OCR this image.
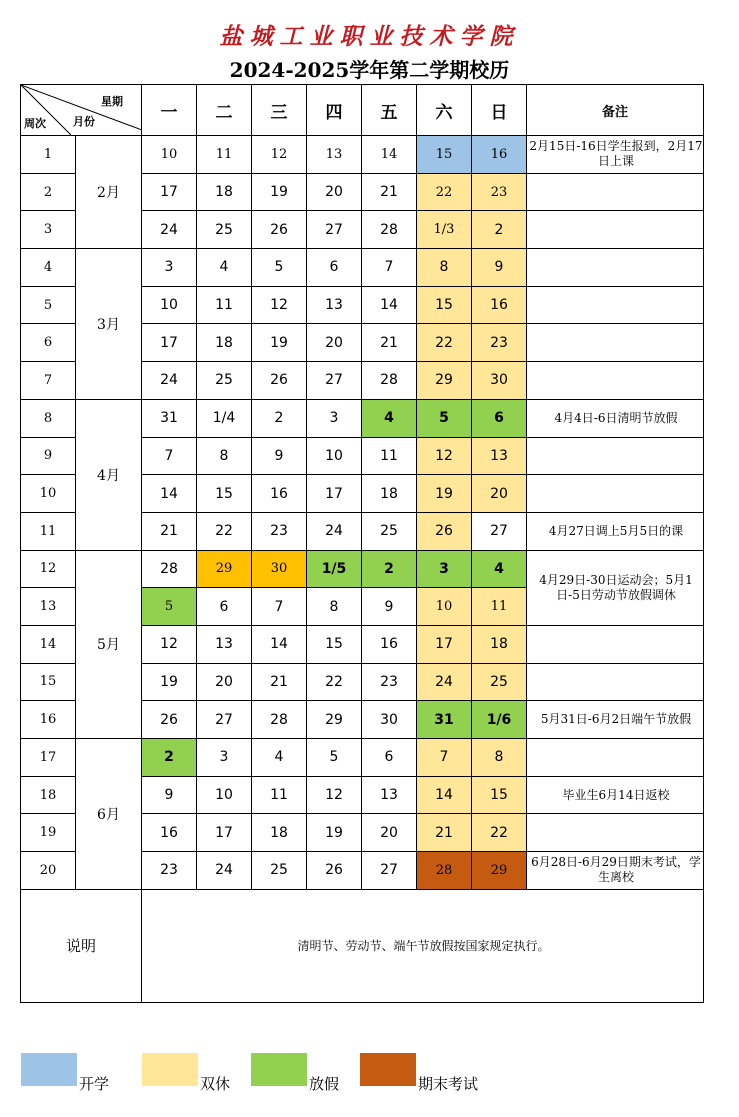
盐城工业职业技术学院
2024-2025学年第二学期校历
星期
月份
周次		一	二	三	四	五	六	日	备注
1	2月	10	11	12	13	14	15	16	2月15日-16日学生报到，2月17日上课
2		17	18	19	20	21	22	23	
3		24	25	26	27	28	1/3	2	
4	3月	3	4	5	6	7	8	9	
5		10	11	12	13	14	15	16	
6		17	18	19	20	21	22	23	
7		24	25	26	27	28	29	30	
8	4月	31	1/4	2	3	4	5	6	4月4日-6日清明节放假
9		7	8	9	10	11	12	13	
10		14	15	16	17	18	19	20	
11		21	22	23	24	25	26	27	4月27日调上5月5日的课
12	5月	28	29	30	1/5	2	3	4	4月29日-30日运动会；5月1日-5日劳动节放假调休
13		5	6	7	8	9	10	11	
14		12	13	14	15	16	17	18	
15		19	20	21	22	23	24	25	
16		26	27	28	29	30	31	1/6	5月31日-6月2日端午节放假
17	6月	2	3	4	5	6	7	8	
18		9	10	11	12	13	14	15	毕业生6月14日返校
19		16	17	18	19	20	21	22	
20		23	24	25	26	27	28	29	6月28日-6月29日期末考试，学生离校
说明		清明节、劳动节、端午节放假按国家规定执行。							
开学	双休	放假	期末考试
